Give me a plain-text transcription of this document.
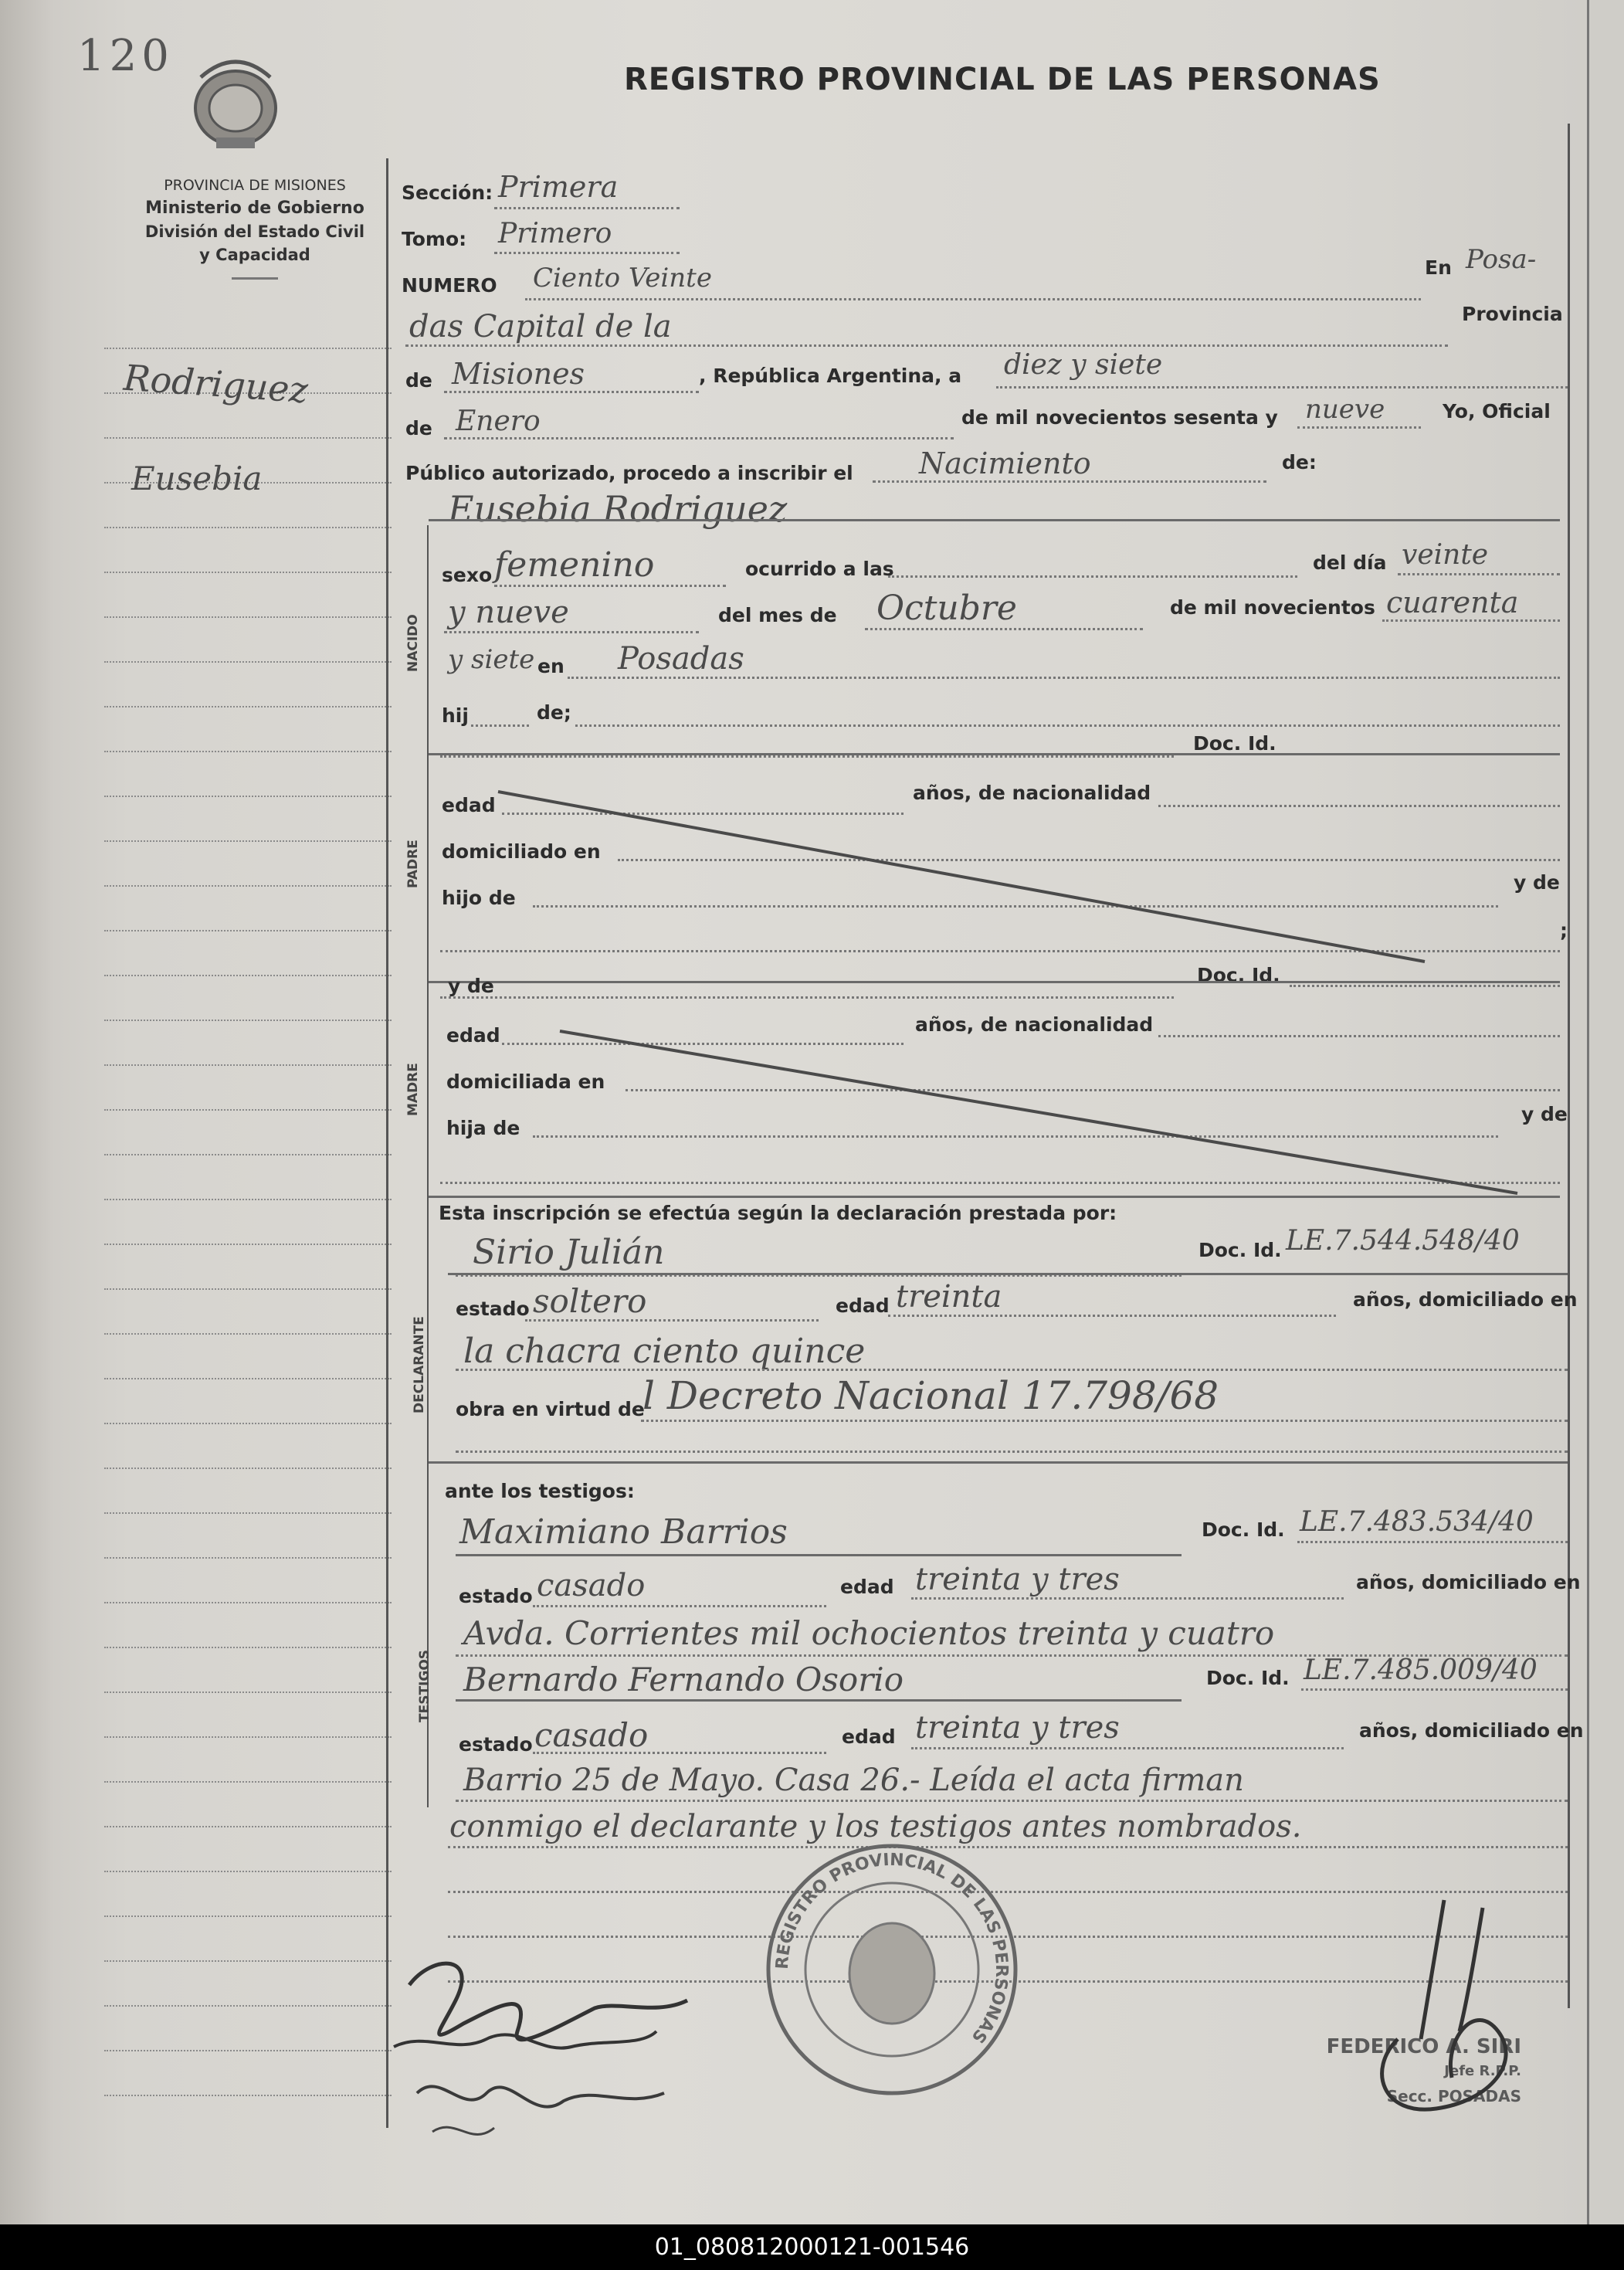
120	REGISTRO PROVINCIAL DE LAS PERSONAS
PROVINCIA DE MISIONES
Ministerio de Gobierno
División del Estado Civil
y Capacidad
Rodriguez
Eusebia
Sección: Primera
Tomo: Primero
NUMERO Ciento Veinte	En Posa-
das Capital de la	Provincia
de Misiones	, República Argentina, a diez y siete
de Enero	de mil novecientos sesenta y nueve	Yo, Oficial
Público autorizado, procedo a inscribir el Nacimiento	de:
Eusebia Rodriguez
NACIDO
sexo femenino	ocurrido a las	del día veinte
y nueve	del mes de Octubre	de mil novecientos cuarenta
y siete en Posadas
hij	de;
Doc. Id.
PADRE
edad
años, de nacionalidad
domiciliado en
hijo de
y de
;
Doc. Id.
y de
MADRE
edad	años, de nacionalidad
domiciliada en
hija de
y de
Esta inscripción se efectúa según la declaración prestada por:
DECLARANTE
Sirio Julián	Doc. Id. LE.7.544.548/40
estado soltero	edad treinta	años, domiciliado en
la chacra ciento quince
obra en virtud de
l Decreto Nacional 17.798/68
ante los testigos:
TESTIGOS
Maximiano Barrios	Doc. Id. LE.7.483.534/40
estado casado	edad treinta y tres	años, domiciliado en
Avda. Corrientes mil ochocientos treinta y cuatro
Bernardo Fernando Osorio	Doc. Id. LE.7.485.009/40
estado casado	edad treinta y tres	años, domiciliado en
Barrio 25 de Mayo. Casa 26.- Leída el acta firman
conmigo el declarante y los testigos antes nombrados.
REGISTRO PROVINCIAL DE LAS PERSONAS	FEDERICO A. SIRI
Jefe R.P.P.
Secc. POSADAS
01_080812000121-001546
